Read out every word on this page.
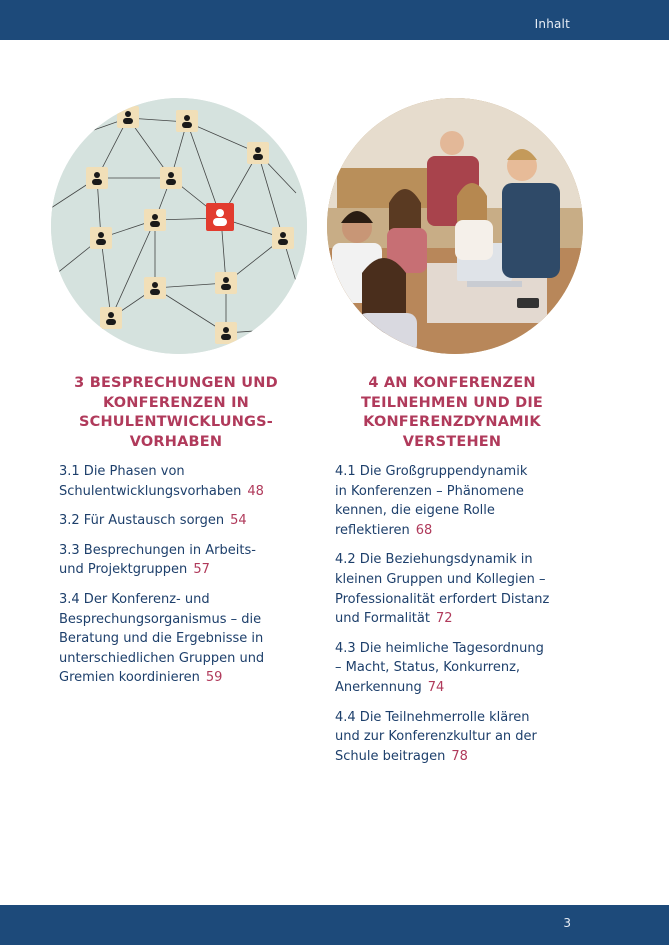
Inhalt
3 BESPRECHUNGEN UND
KONFERENZEN IN
SCHULENTWICKLUNGS-
VORHABEN
4 AN KONFERENZEN
TEILNEHMEN UND DIE
KONFERENZDYNAMIK
VERSTEHEN
3.1 Die Phasen von
Schulentwicklungsvorhaben 48
3.2 Für Austausch sorgen 54
3.3 Besprechungen in Arbeits-
und Projektgruppen 57
3.4 Der Konferenz- und
Besprechungsorganismus – die
Beratung und die Ergebnisse in
unterschiedlichen Gruppen und
Gremien koordinieren 59
4.1 Die Großgruppendynamik
in Konferenzen – Phänomene
kennen, die eigene Rolle
reflektieren 68
4.2 Die Beziehungsdynamik in
kleinen Gruppen und Kollegien –
Professionalität erfordert Distanz
und Formalität 72
4.3 Die heimliche Tagesordnung
– Macht, Status, Konkurrenz,
Anerkennung 74
4.4 Die Teilnehmerrolle klären
und zur Konferenzkultur an der
Schule beitragen 78
3
